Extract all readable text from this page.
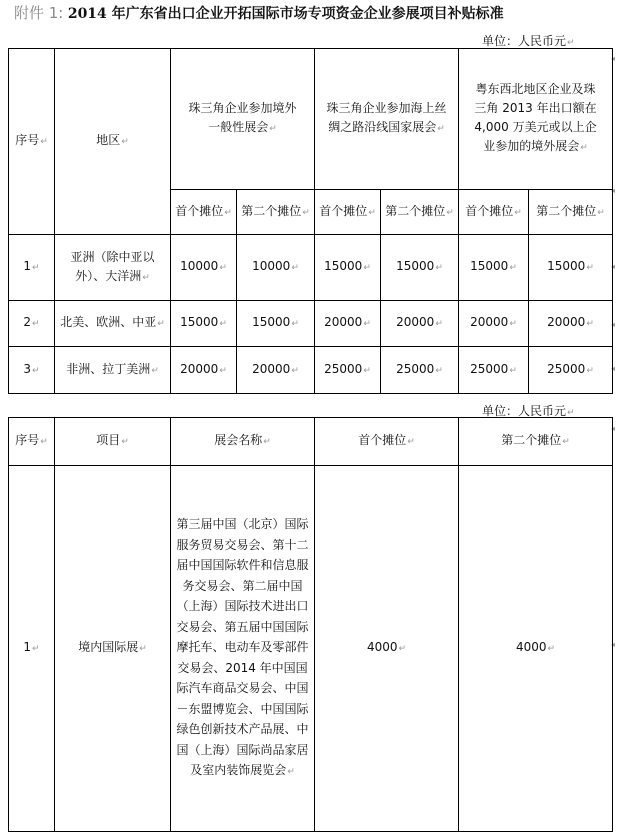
附件 1: 2014 年广东省出口企业开拓国际市场专项资金企业参展项目补贴标准
单位：人民币元↵
◂
◂
◂
◂
◂
◂
◂
序号↵	地区↵	珠三角企业参加境外一般性展会↵		珠三角企业参加海上丝绸之路沿线国家展会↵		粤东西北地区企业及珠三角 2013 年出口额在 4,000 万美元或以上企业参加的境外展会↵	
		首个摊位↵	第二个摊位↵	首个摊位↵	第二个摊位↵	首个摊位↵	第二个摊位↵
1↵	亚洲（除中亚以外）、大洋洲↵	10000↵	10000↵	15000↵	15000↵	15000↵	15000↵
2↵	北美、欧洲、中亚↵	15000↵	15000↵	20000↵	20000↵	20000↵	20000↵
3↵	非洲、拉丁美洲↵	20000↵	20000↵	25000↵	25000↵	25000↵	25000↵
单位：人民币元↵
序号↵	项目↵	展会名称↵	首个摊位↵	第二个摊位↵
1↵	境内国际展↵	第三届中国（北京）国际服务贸易交易会、第十二届中国国际软件和信息服务交易会、第二届中国（上海）国际技术进出口交易会、第五届中国国际摩托车、电动车及零部件交易会、2014 年中国国际汽车商品交易会、中国－东盟博览会、中国国际绿色创新技术产品展、中国（上海）国际尚品家居及室内装饰展览会↵	4000↵	4000↵
